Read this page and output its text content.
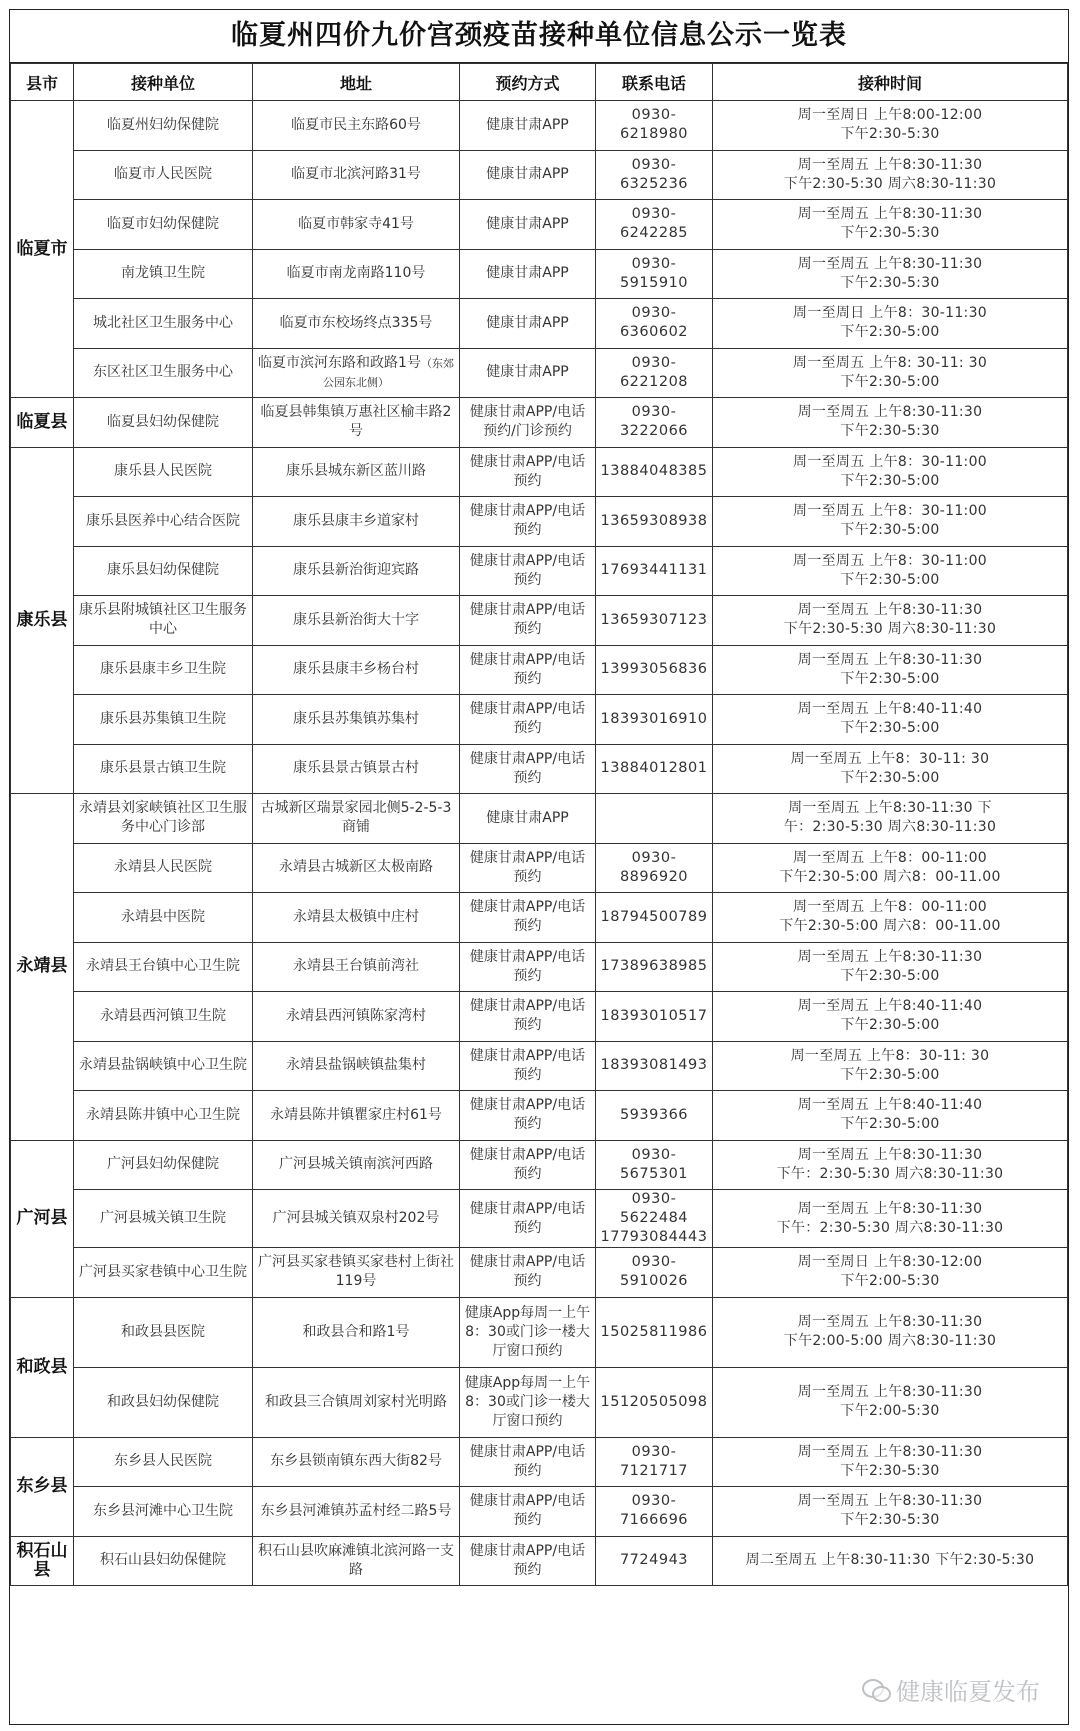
临夏州四价九价宫颈疫苗接种单位信息公示一览表
县市	接种单位	地址	预约方式	联系电话	接种时间
临夏市	临夏州妇幼保健院	临夏市民主东路60号	健康甘肃APP	0930-6218980	周一至周日 上午8:00-12:00
下午2:30-5:30
	临夏市人民医院	临夏市北滨河路31号	健康甘肃APP	0930-6325236	周一至周五 上午8:30-11:30
下午2:30-5:30 周六8:30-11:30
	临夏市妇幼保健院	临夏市韩家寺41号	健康甘肃APP	0930-6242285	周一至周五 上午8:30-11:30
下午2:30-5:30
	南龙镇卫生院	临夏市南龙南路110号	健康甘肃APP	0930-5915910	周一至周五 上午8:30-11:30
下午2:30-5:30
	城北社区卫生服务中心	临夏市东校场终点335号	健康甘肃APP	0930-6360602	周一至周日 上午8：30-11:30
下午2:30-5:00
	东区社区卫生服务中心	临夏市滨河东路和政路1号（东郊公园东北侧）	健康甘肃APP	0930-6221208	周一至周五 上午8: 30-11: 30
下午2:30-5:00
临夏县	临夏县妇幼保健院	临夏县韩集镇万惠社区榆丰路2号	健康甘肃APP/电话预约/门诊预约	0930-3222066	周一至周五 上午8:30-11:30
下午2:30-5:30
康乐县	康乐县人民医院	康乐县城东新区蓝川路	健康甘肃APP/电话预约	13884048385	周一至周五 上午8：30-11:00
下午2:30-5:00
	康乐县医养中心结合医院	康乐县康丰乡道家村	健康甘肃APP/电话预约	13659308938	周一至周五 上午8：30-11:00
下午2:30-5:00
	康乐县妇幼保健院	康乐县新治街迎宾路	健康甘肃APP/电话预约	17693441131	周一至周五 上午8：30-11:00
下午2:30-5:00
	康乐县附城镇社区卫生服务中心	康乐县新治街大十字	健康甘肃APP/电话预约	13659307123	周一至周五 上午8:30-11:30
下午2:30-5:30 周六8:30-11:30
	康乐县康丰乡卫生院	康乐县康丰乡杨台村	健康甘肃APP/电话预约	13993056836	周一至周五 上午8:30-11:30
下午2:30-5:00
	康乐县苏集镇卫生院	康乐县苏集镇苏集村	健康甘肃APP/电话预约	18393016910	周一至周五 上午8:40-11:40
下午2:30-5:00
	康乐县景古镇卫生院	康乐县景古镇景古村	健康甘肃APP/电话预约	13884012801	周一至周五 上午8：30-11: 30
下午2:30-5:00
永靖县	永靖县刘家峡镇社区卫生服务中心门诊部	古城新区瑞景家园北侧5-2-5-3商铺	健康甘肃APP		周一至周五 上午8:30-11:30 下
午：2:30-5:30 周六8:30-11:30
	永靖县人民医院	永靖县古城新区太极南路	健康甘肃APP/电话预约	0930-8896920	周一至周五 上午8：00-11:00
下午2:30-5:00 周六8：00-11.00
	永靖县中医院	永靖县太极镇中庄村	健康甘肃APP/电话预约	18794500789	周一至周五 上午8：00-11:00
下午2:30-5:00 周六8：00-11.00
	永靖县王台镇中心卫生院	永靖县王台镇前湾社	健康甘肃APP/电话预约	17389638985	周一至周五 上午8:30-11:30
下午2:30-5:00
	永靖县西河镇卫生院	永靖县西河镇陈家湾村	健康甘肃APP/电话预约	18393010517	周一至周五 上午8:40-11:40
下午2:30-5:00
	永靖县盐锅峡镇中心卫生院	永靖县盐锅峡镇盐集村	健康甘肃APP/电话预约	18393081493	周一至周五 上午8：30-11: 30
下午2:30-5:00
	永靖县陈井镇中心卫生院	永靖县陈井镇瞿家庄村61号	健康甘肃APP/电话预约	5939366	周一至周五 上午8:40-11:40
下午2:30-5:00
广河县	广河县妇幼保健院	广河县城关镇南滨河西路	健康甘肃APP/电话预约	0930-5675301	周一至周五 上午8:30-11:30
下午：2:30-5:30 周六8:30-11:30
	广河县城关镇卫生院	广河县城关镇双泉村202号	健康甘肃APP/电话预约	0930-5622484 17793084443	周一至周五 上午8:30-11:30
下午：2:30-5:30 周六8:30-11:30
	广河县买家巷镇中心卫生院	广河县买家巷镇买家巷村上街社119号	健康甘肃APP/电话预约	0930-5910026	周一至周日 上午8:30-12:00
下午2:00-5:30
和政县	和政县县医院	和政县合和路1号	健康App每周一上午8：30或门诊一楼大厅窗口预约	15025811986	周一至周五 上午8:30-11:30
下午2:00-5:00 周六8:30-11:30
	和政县妇幼保健院	和政县三合镇周刘家村光明路	健康App每周一上午8：30或门诊一楼大厅窗口预约	15120505098	周一至周五 上午8:30-11:30
下午2:00-5:30
东乡县	东乡县人民医院	东乡县锁南镇东西大街82号	健康甘肃APP/电话预约	0930-7121717	周一至周五 上午8:30-11:30
下午2:30-5:30
	东乡县河滩中心卫生院	东乡县河滩镇苏孟村经二路5号	健康甘肃APP/电话预约	0930-7166696	周一至周五 上午8:30-11:30
下午2:30-5:30
积石山县	积石山县妇幼保健院	积石山县吹麻滩镇北滨河路一支路	健康甘肃APP/电话预约	7724943	周二至周五 上午8:30-11:30 下午2:30-5:30
健康临夏发布
